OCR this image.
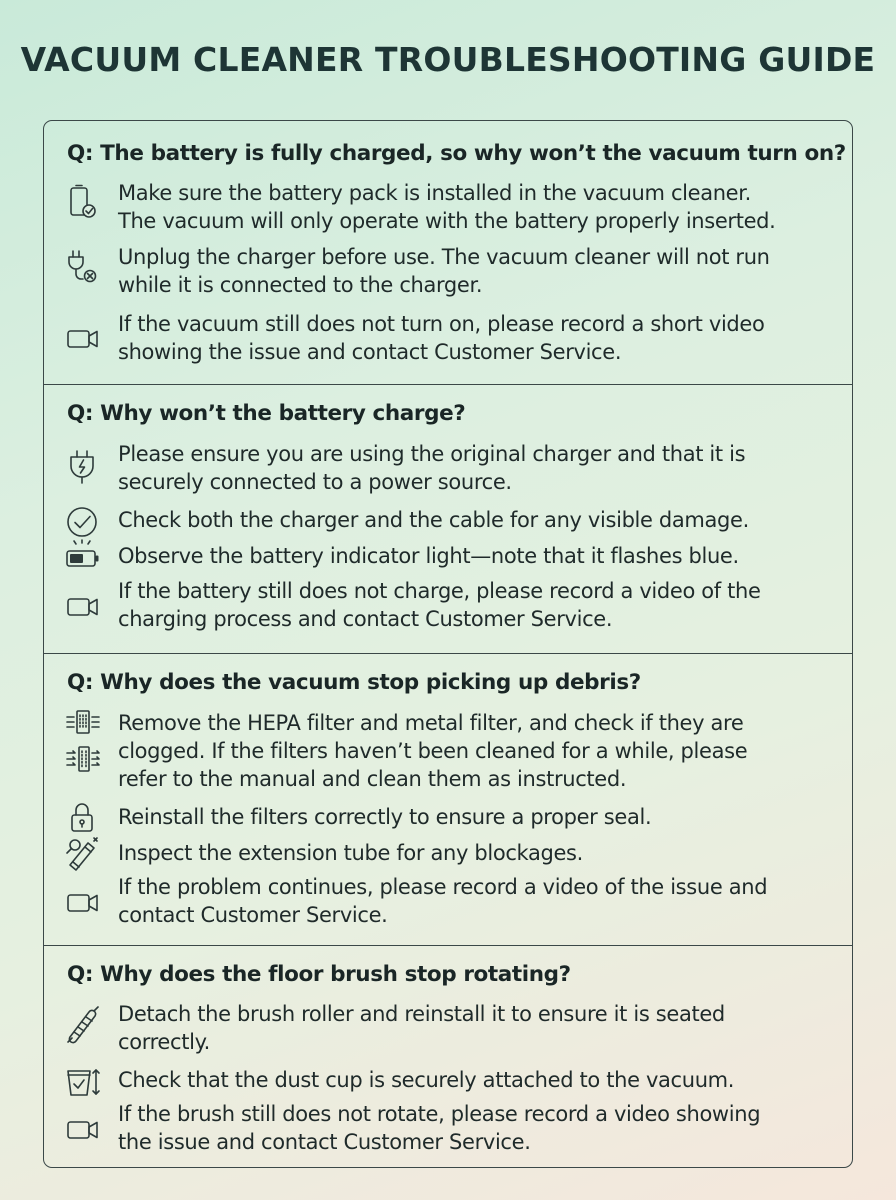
VACUUM CLEANER TROUBLESHOOTING GUIDE
Q: The battery is fully charged, so why won’t the vacuum turn on?
Make sure the battery pack is installed in the vacuum cleaner.
The vacuum will only operate with the battery properly inserted.
Unplug the charger before use. The vacuum cleaner will not run
while it is connected to the charger.
If the vacuum still does not turn on, please record a short video
showing the issue and contact Customer Service.
Q: Why won’t the battery charge?
Please ensure you are using the original charger and that it is
securely connected to a power source.
Check both the charger and the cable for any visible damage.
Observe the battery indicator light—note that it flashes blue.
If the battery still does not charge, please record a video of the
charging process and contact Customer Service.
Q: Why does the vacuum stop picking up debris?
Remove the HEPA filter and metal filter, and check if they are
clogged. If the filters haven’t been cleaned for a while, please
refer to the manual and clean them as instructed.
Reinstall the filters correctly to ensure a proper seal.
Inspect the extension tube for any blockages.
If the problem continues, please record a video of the issue and
contact Customer Service.
Q: Why does the floor brush stop rotating?
Detach the brush roller and reinstall it to ensure it is seated
correctly.
Check that the dust cup is securely attached to the vacuum.
If the brush still does not rotate, please record a video showing
the issue and contact Customer Service.
